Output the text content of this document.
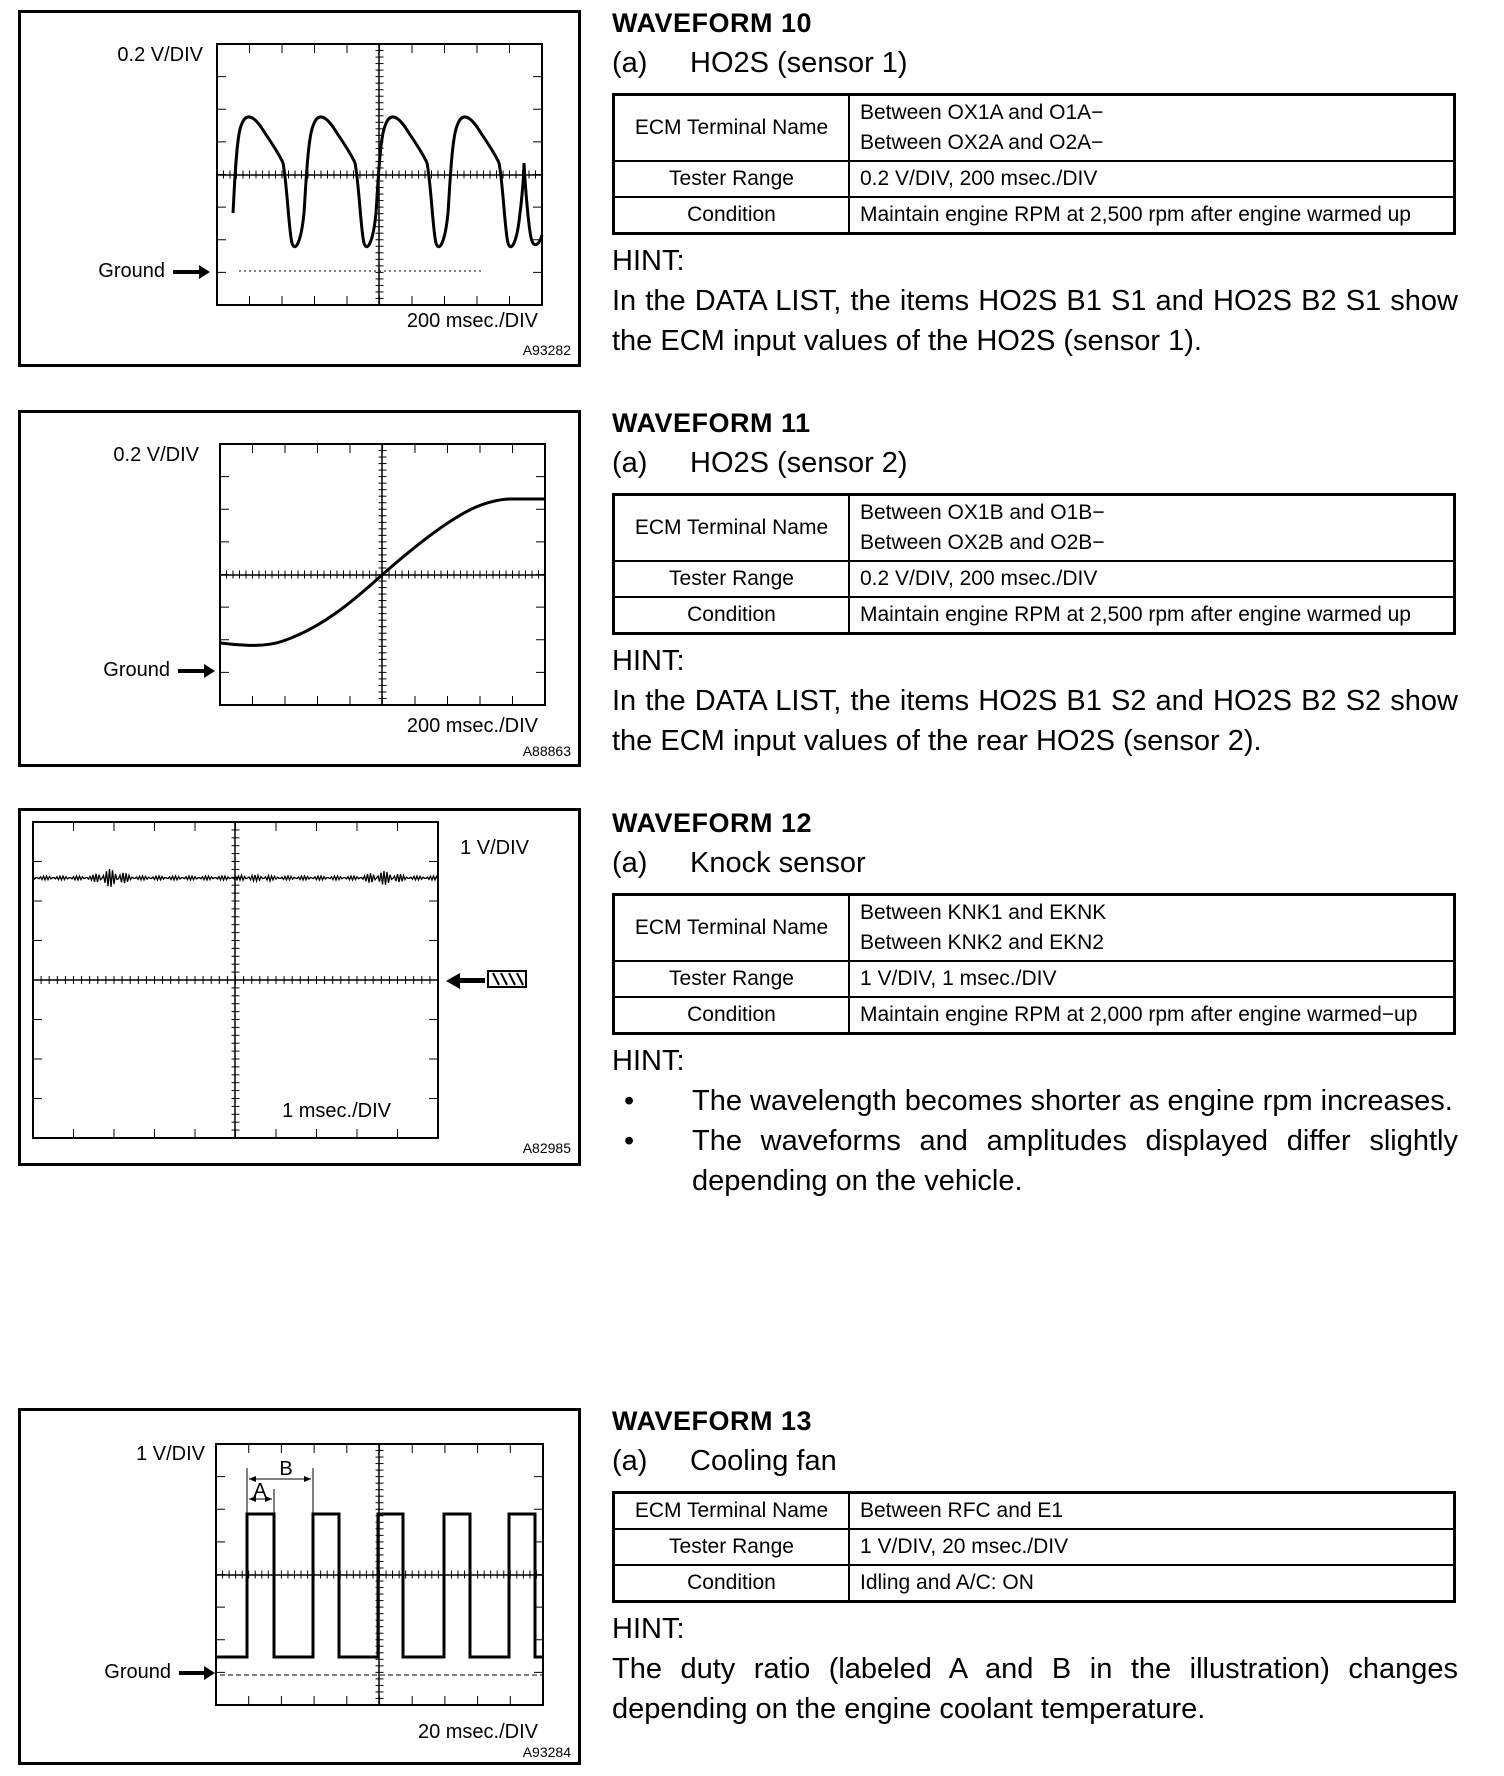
0.2 V/DIV
Ground
200 msec./DIV
A93282
0.2 V/DIV
Ground
200 msec./DIV
A88863
1 V/DIV
1 msec./DIV
A82985
A
B
1 V/DIV
Ground
20 msec./DIV
A93284
WAVEFORM 10
(a) HO2S (sensor 1)
ECM Terminal Name	Between OX1A and O1A−
Between OX2A and O2A−

Tester Range	0.2 V/DIV, 200 msec./DIV
Condition	Maintain engine RPM at 2,500 rpm after engine warmed up
HINT:
In the DATA LIST, the items HO2S B1 S1 and HO2S B2 S1 show the ECM input values of the HO2S (sensor 1).
WAVEFORM 11
(a) HO2S (sensor 2)
ECM Terminal Name	Between OX1B and O1B−
Between OX2B and O2B−

Tester Range	0.2 V/DIV, 200 msec./DIV
Condition	Maintain engine RPM at 2,500 rpm after engine warmed up
HINT:
In the DATA LIST, the items HO2S B1 S2 and HO2S B2 S2 show the ECM input values of the rear HO2S (sensor 2).
WAVEFORM 12
(a) Knock sensor
ECM Terminal Name	Between KNK1 and EKNK
Between KNK2 and EKN2

Tester Range	1 V/DIV, 1 msec./DIV
Condition	Maintain engine RPM at 2,000 rpm after engine warmed−up
HINT:
• The wavelength becomes shorter as engine rpm increases.
• The waveforms and amplitudes displayed differ slightly depending on the vehicle.
WAVEFORM 13
(a) Cooling fan
ECM Terminal Name	Between RFC and E1
Tester Range	1 V/DIV, 20 msec./DIV
Condition	Idling and A/C: ON
HINT:
The duty ratio (labeled A and B in the illustration) changes depending on the engine coolant temperature.
